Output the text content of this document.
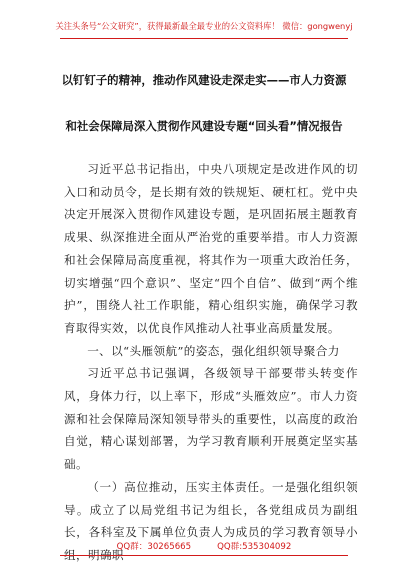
关注头条号“公文研究”，获得最新最全最专业的公文资料库！ 微信：gongwenyj
以钉钉子的精神，推动作风建设走深走实——市人力资源
和社会保障局深入贯彻作风建设专题“回头看”情况报告

习近平总书记指出，中央八项规定是改进作风的切入口和动员令，是长期有效的铁规矩、硬杠杠。党中央决定开展深入贯彻作风建设专题，是巩固拓展主题教育成果、纵深推进全面从严治党的重要举措。市人力资源和社会保障局高度重视，将其作为一项重大政治任务，切实增强“四个意识”、坚定“四个自信”、做到“两个维护”，围绕人社工作职能，精心组织实施，确保学习教育取得实效，以优良作风推动人社事业高质量发展。

一、以“头雁领航”的姿态，强化组织领导聚合力

习近平总书记强调，各级领导干部要带头转变作风，身体力行，以上率下，形成“头雁效应”。市人力资源和社会保障局深知领导带头的重要性，以高度的政治自觉，精心谋划部署，为学习教育顺利开展奠定坚实基础。

（一）高位推动，压实主体责任。一是强化组织领导。成立了以局党组书记为组长，各党组成员为副组长，各科室及下属单位负责人为成员的学习教育领导小组，明确职

QQ群：30265665	QQ群:535304092
